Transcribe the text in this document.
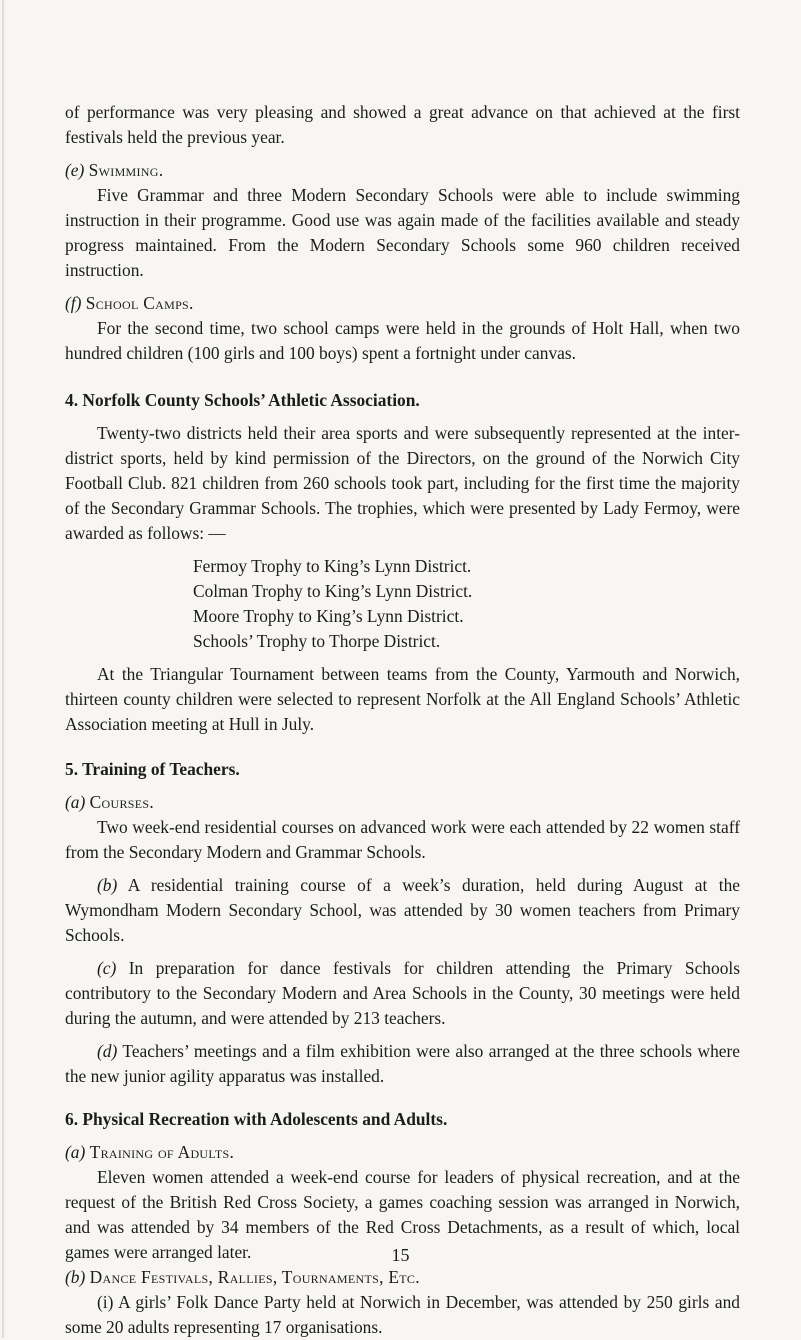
of performance was very pleasing and showed a great advance on that achieved at the first festivals held the previous year.

(e) Swimming.

Five Grammar and three Modern Secondary Schools were able to include swimming instruction in their programme. Good use was again made of the facilities available and steady progress maintained. From the Modern Secondary Schools some 960 children received instruction.

(f) School Camps.

For the second time, two school camps were held in the grounds of Holt Hall, when two hundred children (100 girls and 100 boys) spent a fortnight under canvas.

4. Norfolk County Schools’ Athletic Association.

Twenty-two districts held their area sports and were subsequently represented at the inter-district sports, held by kind permission of the Directors, on the ground of the Norwich City Football Club. 821 children from 260 schools took part, including for the first time the majority of the Secondary Grammar Schools. The trophies, which were presented by Lady Fermoy, were awarded as follows: —

Fermoy Trophy to King’s Lynn District.
Colman Trophy to King’s Lynn District.
Moore Trophy to King’s Lynn District.
Schools’ Trophy to Thorpe District.

At the Triangular Tournament between teams from the County, Yarmouth and Norwich, thirteen county children were selected to represent Norfolk at the All England Schools’ Athletic Association meeting at Hull in July.

5. Training of Teachers.
(a) Courses.

Two week-end residential courses on advanced work were each attended by 22 women staff from the Secondary Modern and Grammar Schools.

(b) A residential training course of a week’s duration, held during August at the Wymondham Modern Secondary School, was attended by 30 women teachers from Primary Schools.

(c) In preparation for dance festivals for children attending the Primary Schools contributory to the Secondary Modern and Area Schools in the County, 30 meetings were held during the autumn, and were attended by 213 teachers.

(d) Teachers’ meetings and a film exhibition were also arranged at the three schools where the new junior agility apparatus was installed.

6. Physical Recreation with Adolescents and Adults.
(a) Training of Adults.

Eleven women attended a week-end course for leaders of physical recreation, and at the request of the British Red Cross Society, a games coaching session was arranged in Norwich, and was attended by 34 members of the Red Cross Detachments, as a result of which, local games were arranged later.

(b) Dance Festivals, Rallies, Tournaments, Etc.

(i) A girls’ Folk Dance Party held at Norwich in December, was attended by 250 girls and some 20 adults representing 17 organisations.

15
